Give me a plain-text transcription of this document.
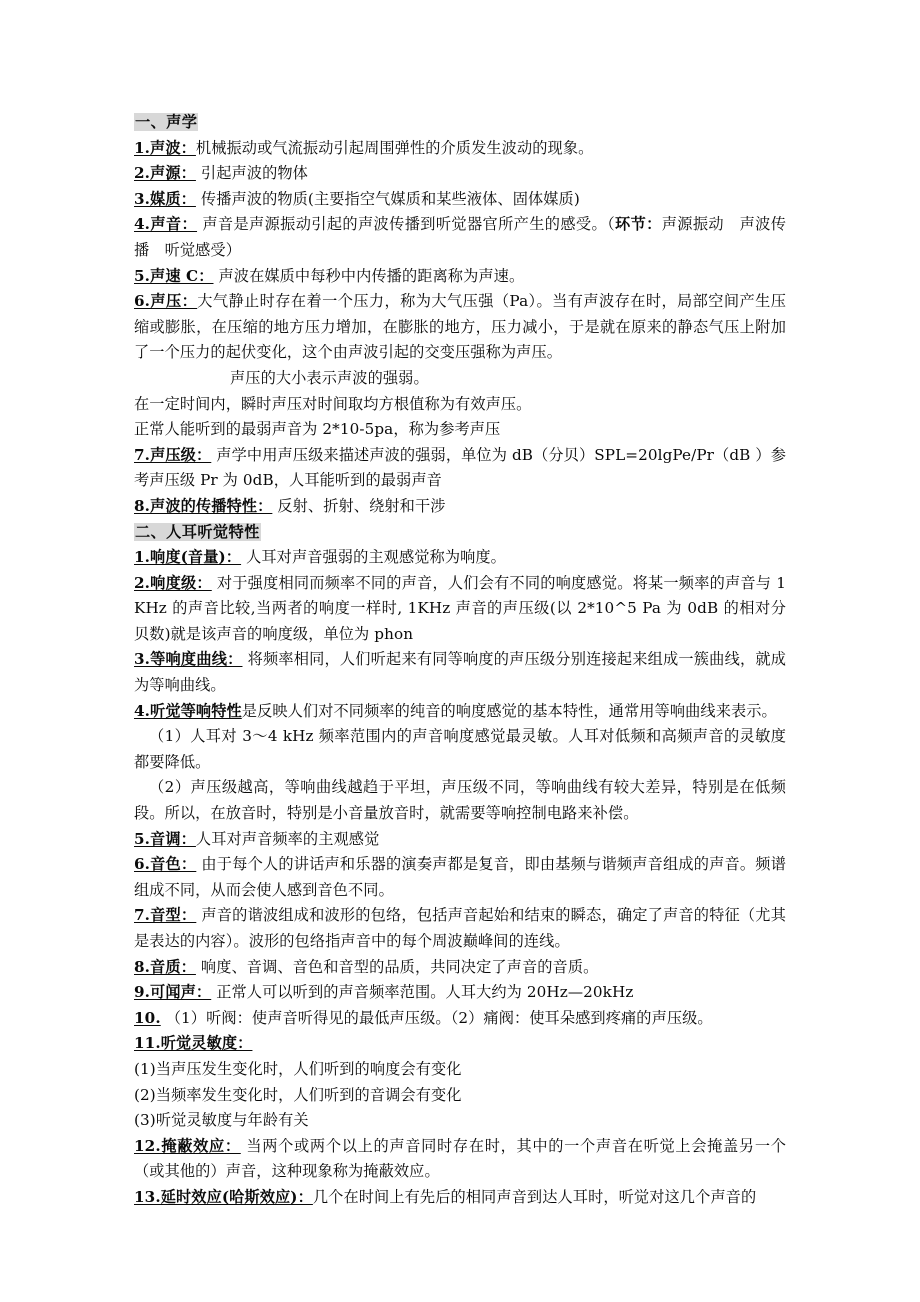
一、声学

1.声波：机械振动或气流振动引起周围弹性的介质发生波动的现象。

2.声源： 引起声波的物体

3.媒质： 传播声波的物质(主要指空气媒质和某些液体、固体媒质)

4.声音： 声音是声源振动引起的声波传播到听觉器官所产生的感受。（环节：声源振动　声波传播　听觉感受）

5.声速 C： 声波在媒质中每秒中内传播的距离称为声速。

6.声压：大气静止时存在着一个压力，称为大气压强（Pa）。当有声波存在时，局部空间产生压缩或膨胀，在压缩的地方压力增加，在膨胀的地方，压力减小，于是就在原来的静态气压上附加了一个压力的起伏变化，这个由声波引起的交变压强称为声压。

声压的大小表示声波的强弱。

在一定时间内，瞬时声压对时间取均方根值称为有效声压。

正常人能听到的最弱声音为 2*10-5pa，称为参考声压

7.声压级： 声学中用声压级来描述声波的强弱，单位为 dB（分贝）SPL=20lgPe/Pr（dB ）参考声压级 Pr 为 0dB，人耳能听到的最弱声音

8.声波的传播特性： 反射、折射、绕射和干涉

二、人耳听觉特性

1.响度(音量)： 人耳对声音强弱的主观感觉称为响度。

2.响度级： 对于强度相同而频率不同的声音，人们会有不同的响度感觉。将某一频率的声音与 1KHz 的声音比较,当两者的响度一样时, 1KHz 声音的声压级(以 2*10^5 Pa 为 0dB 的相对分贝数)就是该声音的响度级，单位为 phon

3.等响度曲线： 将频率相同，人们听起来有同等响度的声压级分别连接起来组成一簇曲线，就成为等响曲线。

4.听觉等响特性是反映人们对不同频率的纯音的响度感觉的基本特性，通常用等响曲线来表示。

（1）人耳对 3～4 kHz 频率范围内的声音响度感觉最灵敏。人耳对低频和高频声音的灵敏度都要降低。

（2）声压级越高，等响曲线越趋于平坦，声压级不同，等响曲线有较大差异，特别是在低频段。所以，在放音时，特别是小音量放音时，就需要等响控制电路来补偿。

5.音调：人耳对声音频率的主观感觉

6.音色： 由于每个人的讲话声和乐器的演奏声都是复音，即由基频与谐频声音组成的声音。频谱组成不同，从而会使人感到音色不同。

7.音型： 声音的谐波组成和波形的包络，包括声音起始和结束的瞬态，确定了声音的特征（尤其是表达的内容）。波形的包络指声音中的每个周波巅峰间的连线。

8.音质： 响度、音调、音色和音型的品质，共同决定了声音的音质。

9.可闻声： 正常人可以听到的声音频率范围。人耳大约为 20Hz—20kHz

10. （1）听阀：使声音听得见的最低声压级。（2）痛阀：使耳朵感到疼痛的声压级。

11.听觉灵敏度：

(1)当声压发生变化时，人们听到的响度会有变化

(2)当频率发生变化时，人们听到的音调会有变化

(3)听觉灵敏度与年龄有关

12.掩蔽效应： 当两个或两个以上的声音同时存在时，其中的一个声音在听觉上会掩盖另一个（或其他的）声音，这种现象称为掩蔽效应。

13.延时效应(哈斯效应)：几个在时间上有先后的相同声音到达人耳时，听觉对这几个声音的
